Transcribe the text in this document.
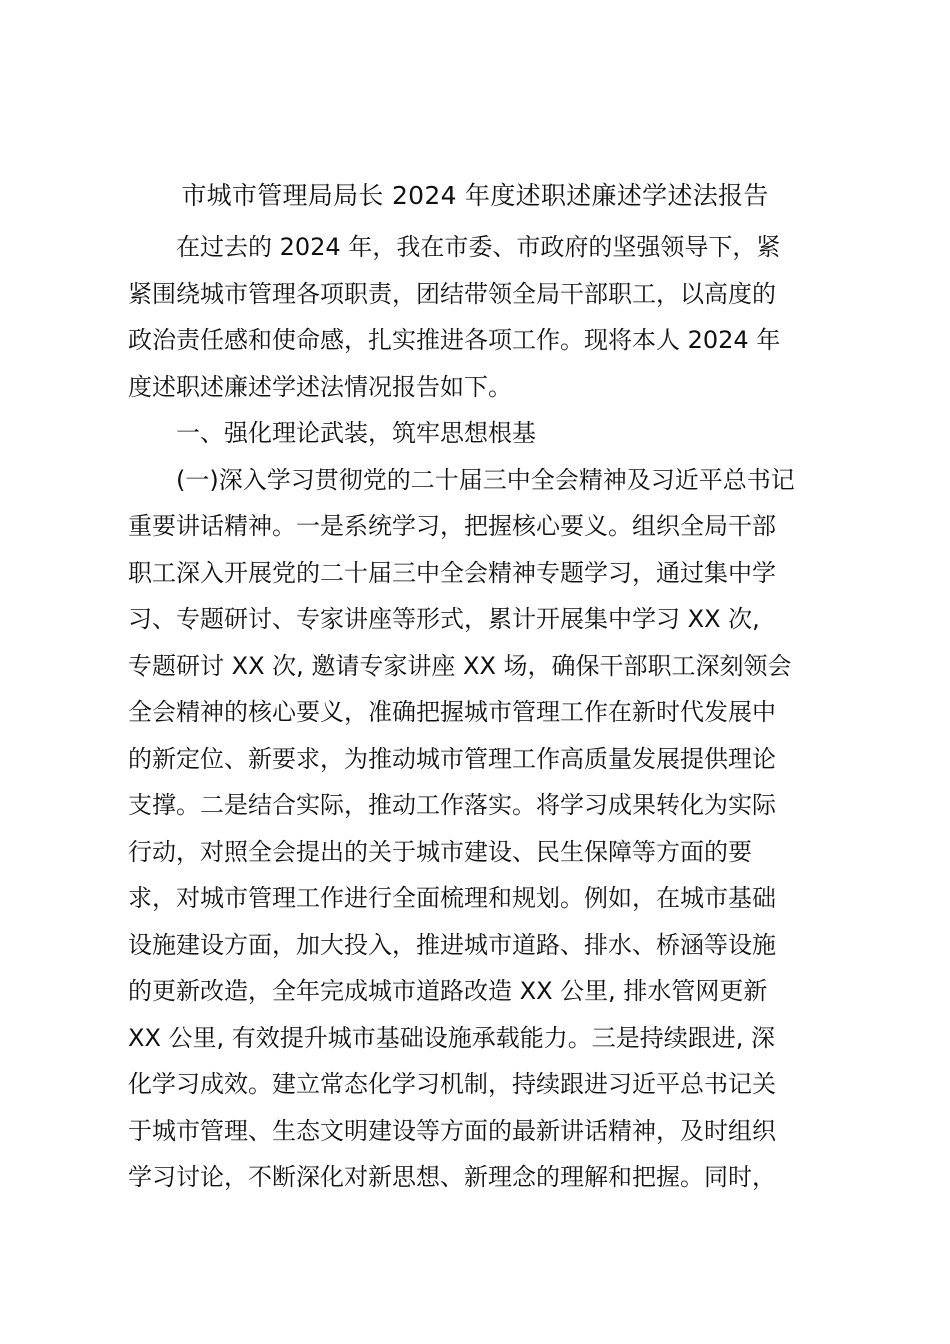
市城市管理局局长 2024 年度述职述廉述学述法报告
　　在过去的 2024 年，我在市委、市政府的坚强领导下，紧
紧围绕城市管理各项职责，团结带领全局干部职工，以高度的
政治责任感和使命感，扎实推进各项工作。现将本人 2024 年
度述职述廉述学述法情况报告如下。
　　一、强化理论武装，筑牢思想根基
　　(一)深入学习贯彻党的二十届三中全会精神及习近平总书记
重要讲话精神。一是系统学习，把握核心要义。组织全局干部
职工深入开展党的二十届三中全会精神专题学习，通过集中学
习、专题研讨、专家讲座等形式，累计开展集中学习 XX 次,
专题研讨 XX 次, 邀请专家讲座 XX 场，确保干部职工深刻领会
全会精神的核心要义，准确把握城市管理工作在新时代发展中
的新定位、新要求，为推动城市管理工作高质量发展提供理论
支撑。二是结合实际，推动工作落实。将学习成果转化为实际
行动，对照全会提出的关于城市建设、民生保障等方面的要
求，对城市管理工作进行全面梳理和规划。例如，在城市基础
设施建设方面，加大投入，推进城市道路、排水、桥涵等设施
的更新改造，全年完成城市道路改造 XX 公里, 排水管网更新
XX 公里, 有效提升城市基础设施承载能力。三是持续跟进, 深
化学习成效。建立常态化学习机制，持续跟进习近平总书记关
于城市管理、生态文明建设等方面的最新讲话精神，及时组织
学习讨论，不断深化对新思想、新理念的理解和把握。同时，
